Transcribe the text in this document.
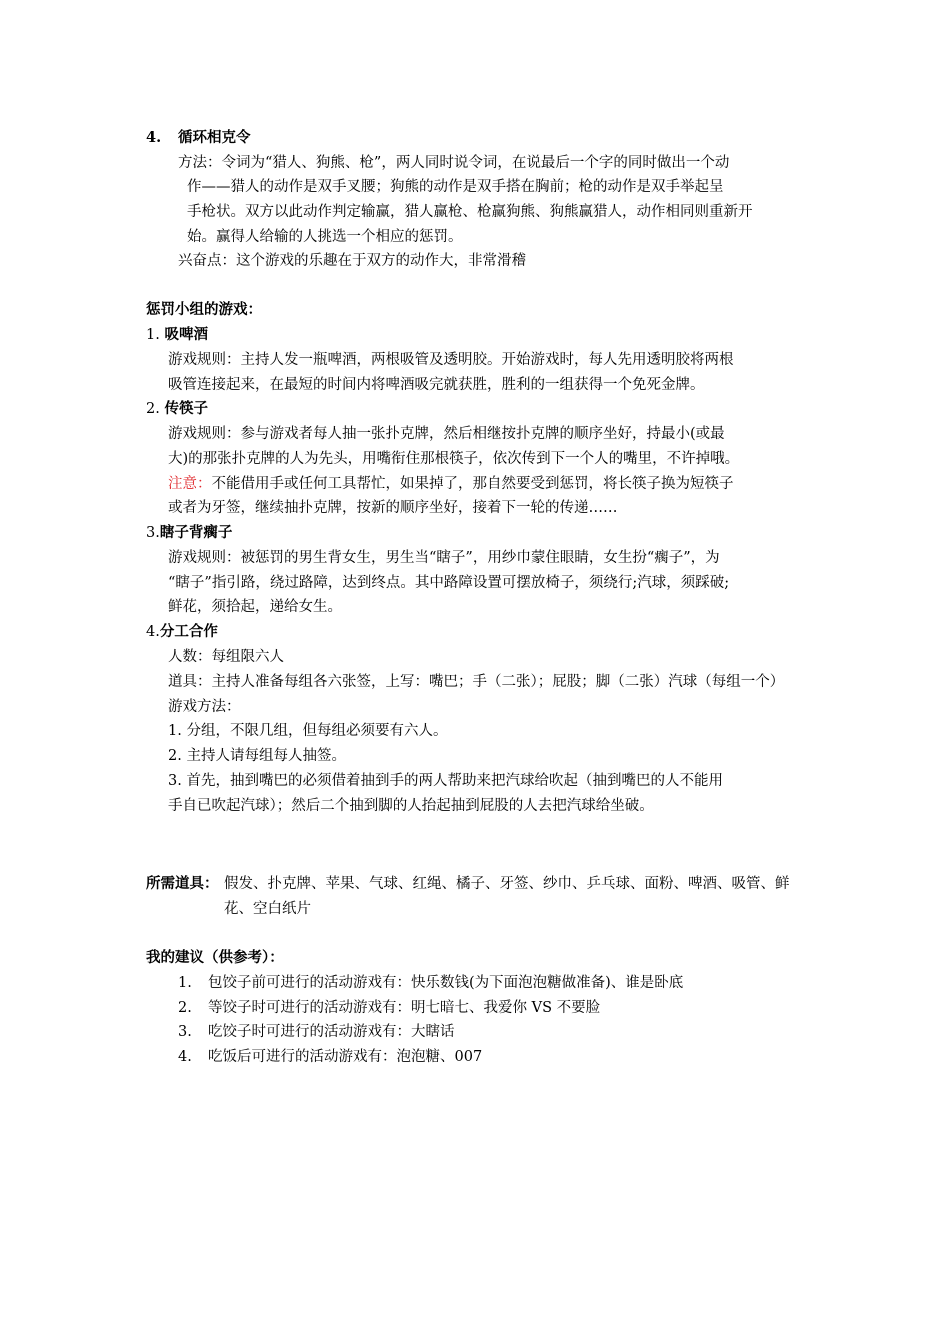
4. 循环相克令
方法：令词为“猎人、狗熊、枪”，两人同时说令词，在说最后一个字的同时做出一个动
作——猎人的动作是双手叉腰；狗熊的动作是双手搭在胸前；枪的动作是双手举起呈
手枪状。双方以此动作判定输赢，猎人赢枪、枪赢狗熊、狗熊赢猎人，动作相同则重新开
始。赢得人给输的人挑选一个相应的惩罚。
兴奋点：这个游戏的乐趣在于双方的动作大，非常滑稽
惩罚小组的游戏：
1. 吸啤酒
游戏规则：主持人发一瓶啤酒，两根吸管及透明胶。开始游戏时，每人先用透明胶将两根
吸管连接起来，在最短的时间内将啤酒吸完就获胜，胜利的一组获得一个免死金牌。
2. 传筷子
游戏规则：参与游戏者每人抽一张扑克牌，然后相继按扑克牌的顺序坐好，持最小(或最
大)的那张扑克牌的人为先头，用嘴衔住那根筷子，依次传到下一个人的嘴里，不许掉哦。
注意：不能借用手或任何工具帮忙，如果掉了，那自然要受到惩罚，将长筷子换为短筷子
或者为牙签，继续抽扑克牌，按新的顺序坐好，接着下一轮的传递……
3.瞎子背瘸子
游戏规则：被惩罚的男生背女生，男生当“瞎子”，用纱巾蒙住眼睛，女生扮“瘸子”，为
“瞎子”指引路，绕过路障，达到终点。其中路障设置可摆放椅子，须绕行;汽球，须踩破;
鲜花，须拾起，递给女生。
4.分工合作
人数：每组限六人
道具：主持人准备每组各六张签，上写：嘴巴；手（二张）；屁股；脚（二张）汽球（每组一个）
游戏方法：
1. 分组，不限几组，但每组必须要有六人。
2. 主持人请每组每人抽签。
3. 首先，抽到嘴巴的必须借着抽到手的两人帮助来把汽球给吹起（抽到嘴巴的人不能用
手自已吹起汽球）；然后二个抽到脚的人抬起抽到屁股的人去把汽球给坐破。
所需道具： 假发、扑克牌、苹果、气球、红绳、橘子、牙签、纱巾、乒乓球、面粉、啤酒、吸管、鲜
花、空白纸片
我的建议（供参考）：
1. 包饺子前可进行的活动游戏有：快乐数钱(为下面泡泡糖做准备)、谁是卧底
2. 等饺子时可进行的活动游戏有：明七暗七、我爱你 VS 不要脸
3. 吃饺子时可进行的活动游戏有：大瞎话
4. 吃饭后可进行的活动游戏有：泡泡糖、007
